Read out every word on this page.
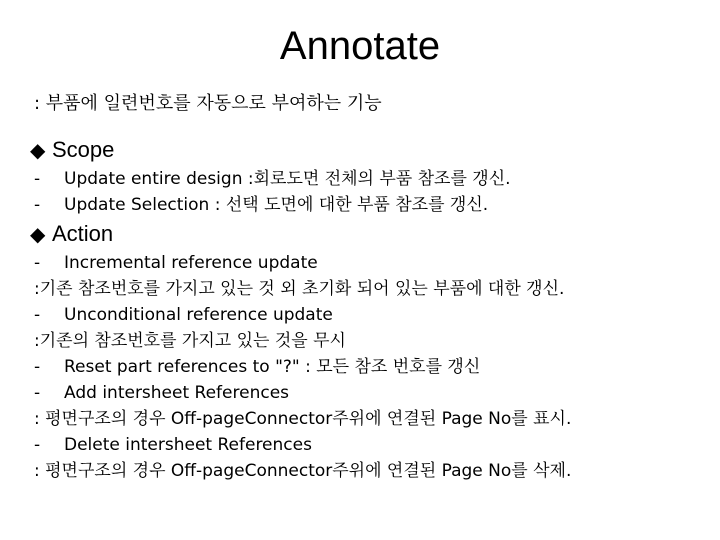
Annotate
: 부품에 일련번호를 자동으로 부여하는 기능
◆ Scope
- Update entire design :회로도면 전체의 부품 참조를 갱신.
- Update Selection : 선택 도면에 대한 부품 참조를 갱신.
◆ Action
- Incremental reference update
:기존 참조번호를 가지고 있는 것 외 초기화 되어 있는 부품에 대한 갱신.
- Unconditional reference update
:기존의 참조번호를 가지고 있는 것을 무시
- Reset part references to "?" : 모든 참조 번호를 갱신
- Add intersheet References
: 평면구조의 경우 Off-pageConnector주위에 연결된 Page No를 표시.
- Delete intersheet References
: 평면구조의 경우 Off-pageConnector주위에 연결된 Page No를 삭제.
